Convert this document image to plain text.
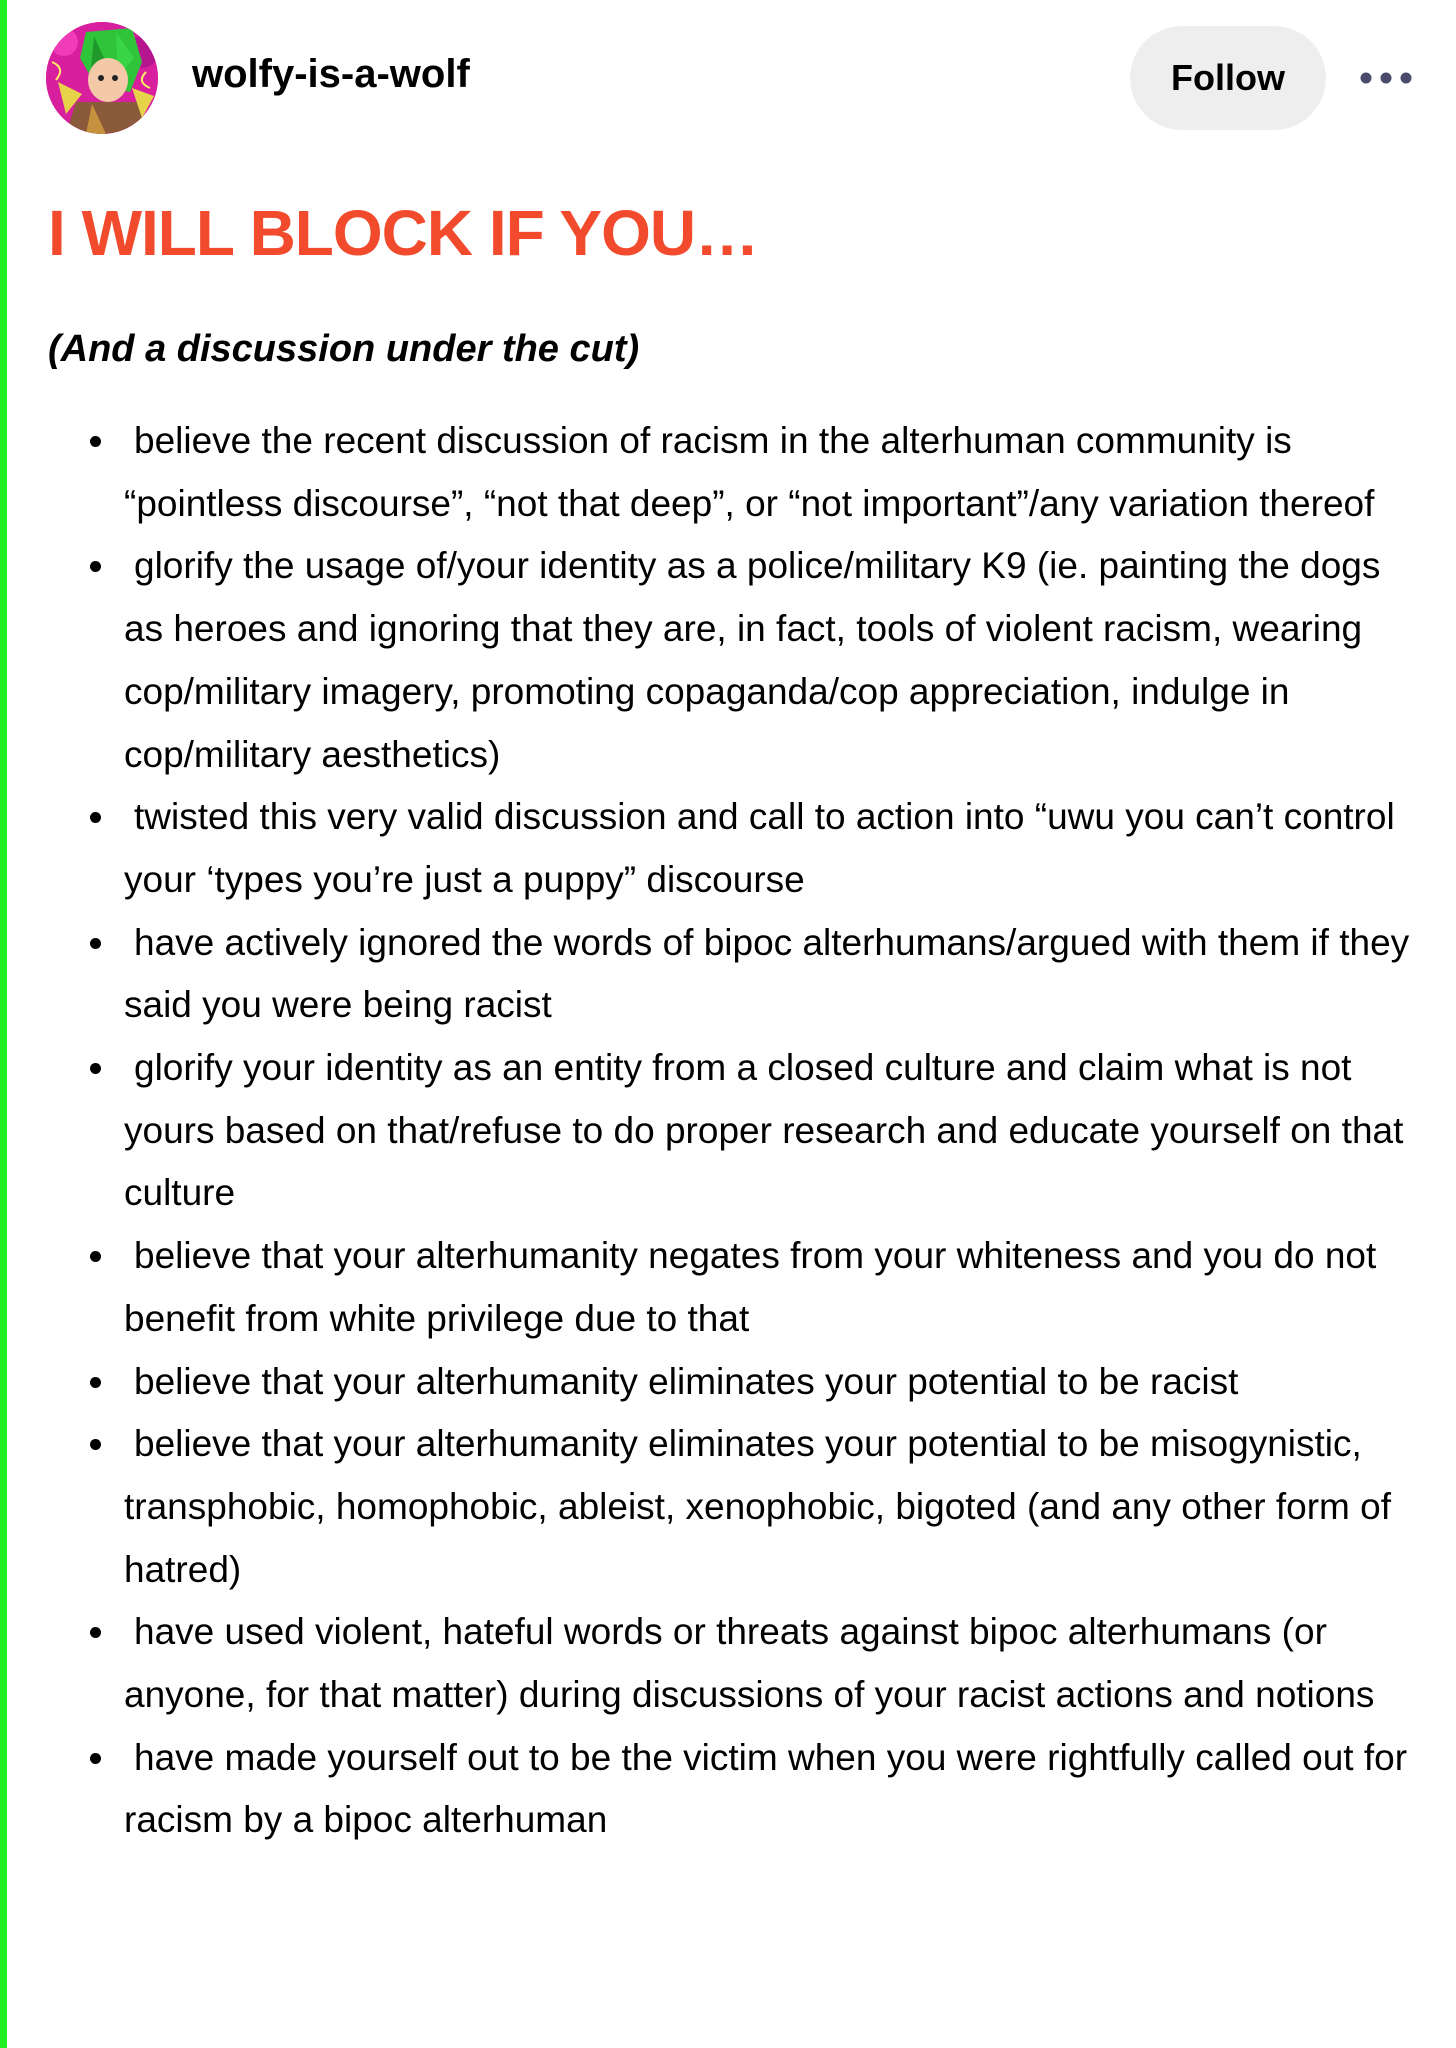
wolfy-is-a-wolf	Follow
I WILL BLOCK IF YOU…

(And a discussion under the cut)

believe the recent discussion of racism in the alterhuman community is “pointless discourse”, “not that deep”, or “not important”/any variation thereof
glorify the usage of/your identity as a police/military K9 (ie. painting the dogs as heroes and ignoring that they are, in fact, tools of violent racism, wearing cop/military imagery, promoting copaganda/cop appreciation, indulge in cop/military aesthetics)
twisted this very valid discussion and call to action into “uwu you can’t control your ‘types you’re just a puppy” discourse
have actively ignored the words of bipoc alterhumans/argued with them if they said you were being racist
glorify your identity as an entity from a closed culture and claim what is not yours based on that/refuse to do proper research and educate yourself on that culture
believe that your alterhumanity negates from your whiteness and you do not benefit from white privilege due to that
believe that your alterhumanity eliminates your potential to be racist
believe that your alterhumanity eliminates your potential to be misogynistic, transphobic, homophobic, ableist, xenophobic, bigoted (and any other form of hatred)
have used violent, hateful words or threats against bipoc alterhumans (or anyone, for that matter) during discussions of your racist actions and notions
have made yourself out to be the victim when you were rightfully called out for racism by a bipoc alterhuman
